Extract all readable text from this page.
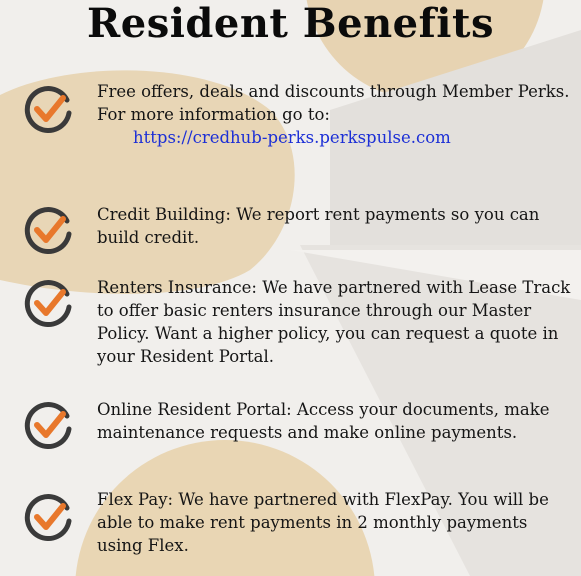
Resident Benefits
Free offers, deals and discounts through Member Perks.
For more information go to:
https://credhub-perks.perkspulse.com
Credit Building: We report rent payments so you can build credit.
Renters Insurance: We have partnered with Lease Track to offer basic renters insurance through our Master Policy. Want a higher policy, you can request a quote in your Resident Portal.
Online Resident Portal: Access your documents, make maintenance requests and make online payments.
Flex Pay: We have partnered with FlexPay. You will be able to make rent payments in 2 monthly payments using Flex.
